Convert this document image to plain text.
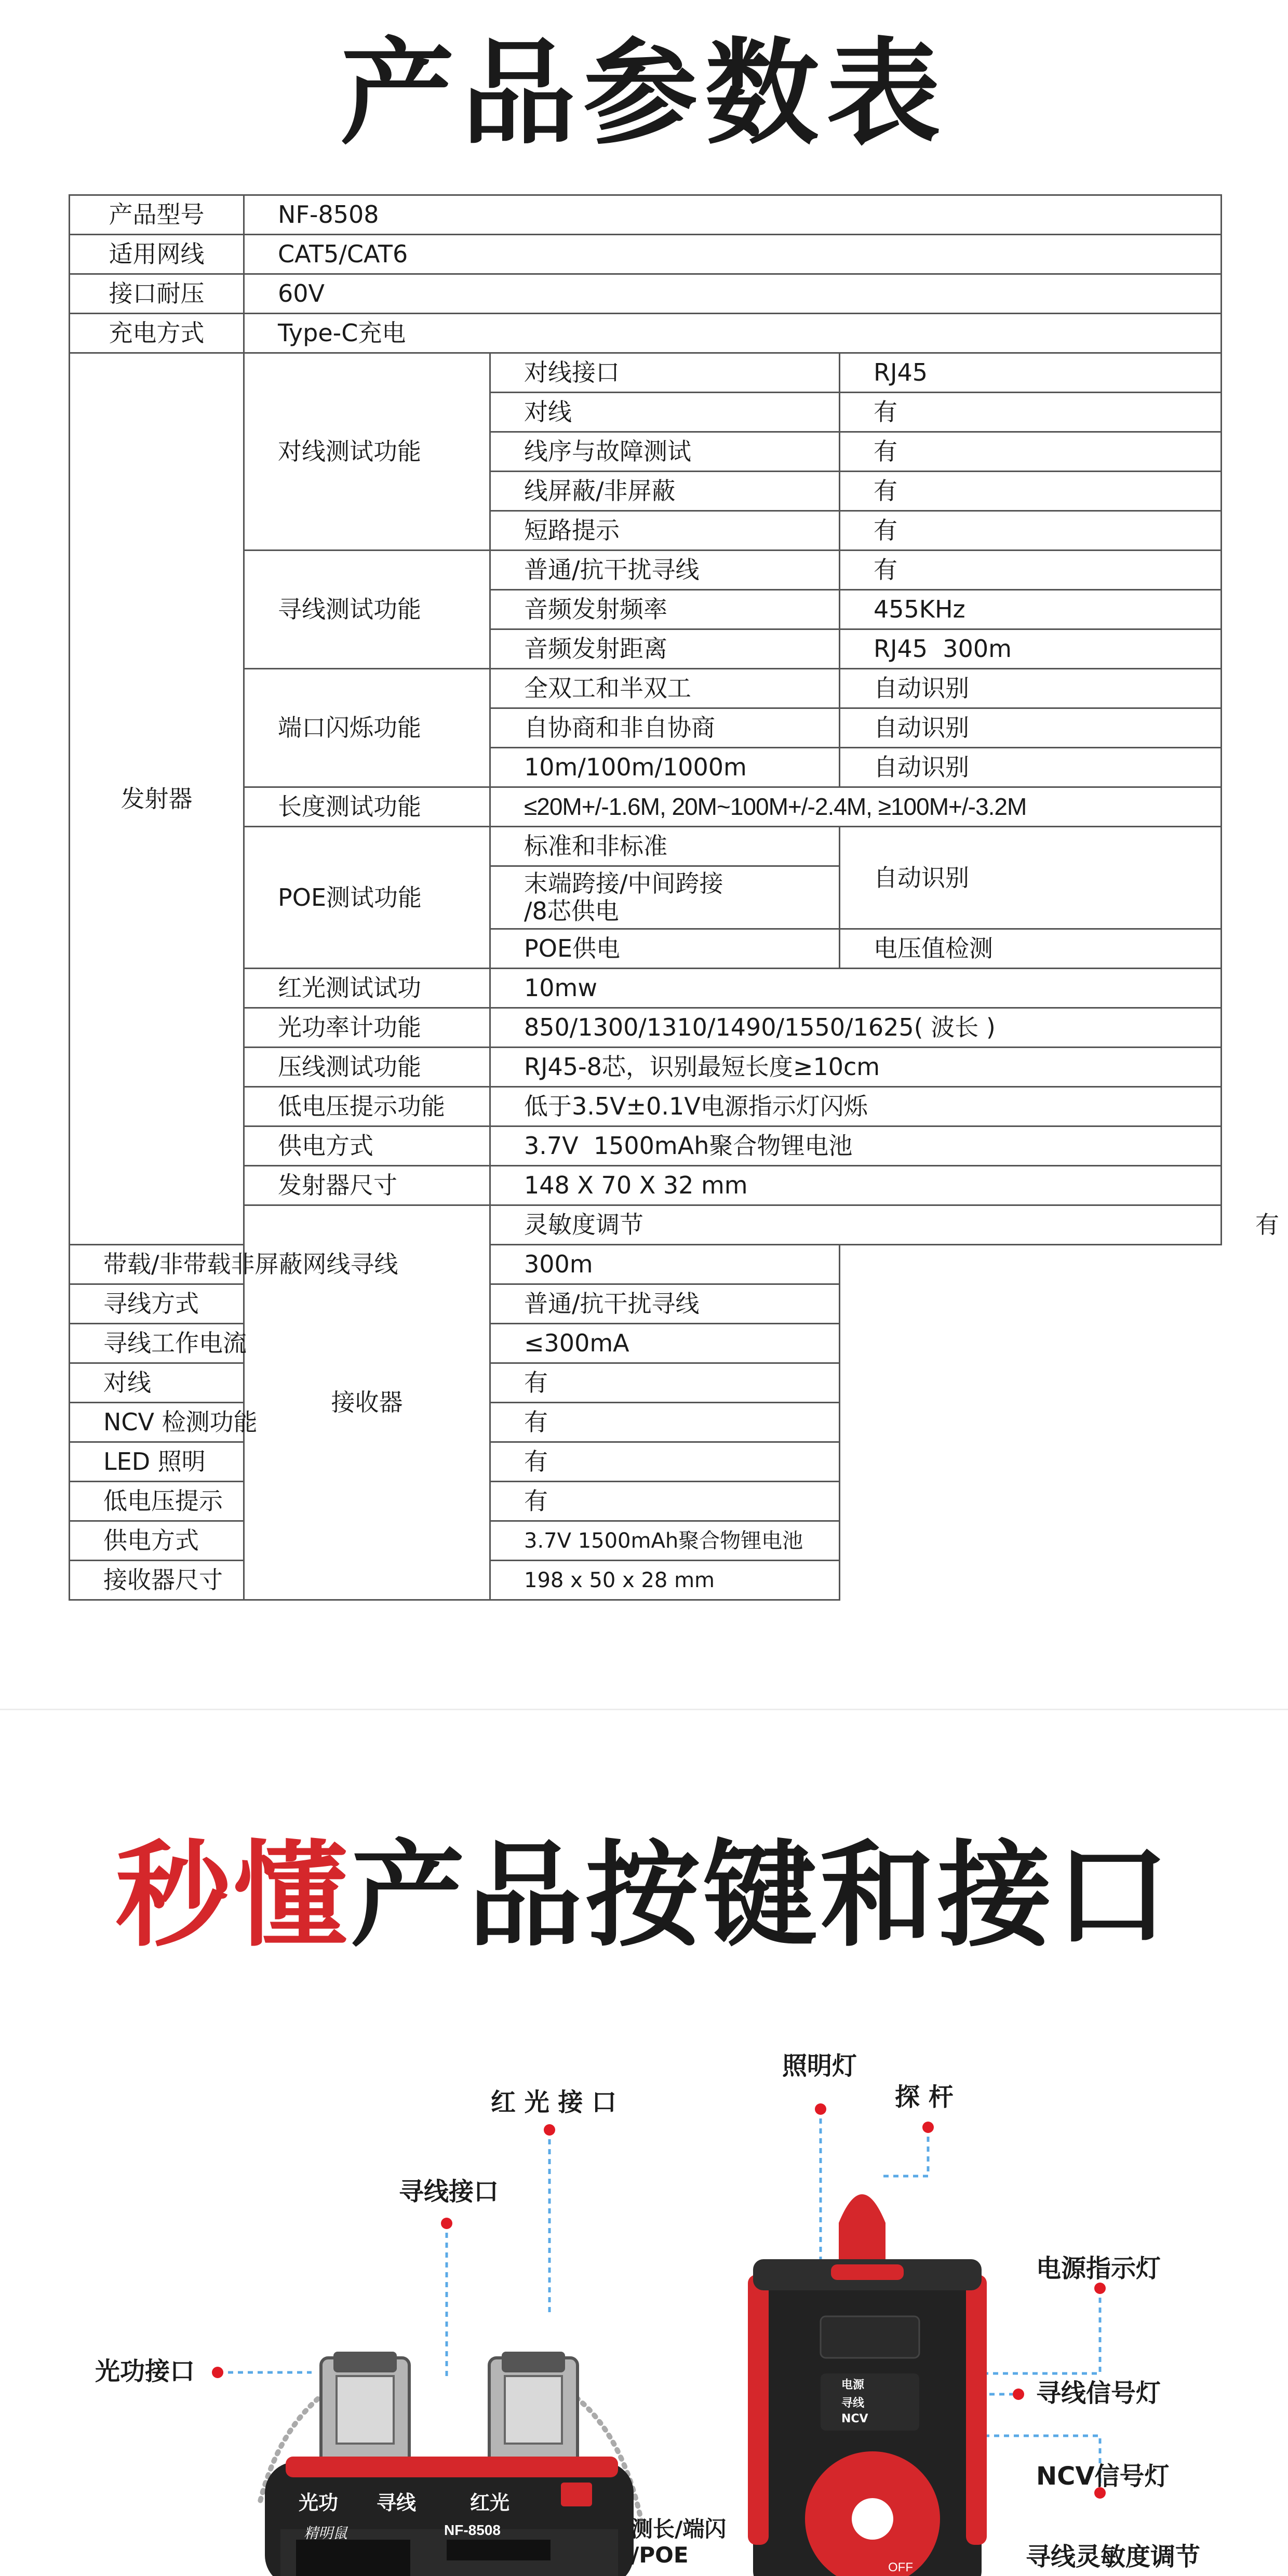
产品参数表
产品型号	NF-8508			
适用网线	CAT5/CAT6			
接口耐压	60V			
充电方式	Type-C充电			
发射器	对线测试功能	对线接口	RJ45	
		对线	有	
		线序与故障测试	有	
		线屏蔽/非屏蔽	有	
		短路提示	有	
	寻线测试功能	普通/抗干扰寻线	有	
		音频发射频率	455KHz	
		音频发射距离	RJ45  300m	
	端口闪烁功能	全双工和半双工	自动识别	
		自协商和非自协商	自动识别	
		10m/100m/1000m	自动识别	
	长度测试功能	≤20M+/-1.6M, 20M~100M+/-2.4M, ≥100M+/-3.2M		
	POE测试功能	标准和非标准	自动识别	

		末端跨接/中间跨接
/8芯供电		

		POE供电	电压值检测	
	红光测试试功	10mw		
	光功率计功能	850/1300/1310/1490/1550/1625( 波长 )		
	压线测试功能	RJ45-8芯，识别最短长度≥10cm		
	低电压提示功能	低于3.5V±0.1V电源指示灯闪烁		
	供电方式	3.7V  1500mAh聚合物锂电池		
	发射器尺寸	148 X 70 X 32 mm		
	接收器	灵敏度调节		有
带载/非带载非屏蔽网线寻线		300m		
寻线方式		普通/抗干扰寻线		
寻线工作电流		≤300mA		
对线		有		
NCV 检测功能		有		
LED 照明		有		
低电压提示		有		
供电方式		3.7V 1500mAh聚合物锂电池		
接收器尺寸		198 x 50 x 28 mm		
秒懂产品按键和接口
光功 寻线	红光
精明鼠	NF-8508
电源
寻线
NCV
OFF
红 光 接 口
寻线接口
光功接口
测长/端闪
/POE
照明灯
探 杆
电源指示灯
寻线信号灯
NCV信号灯
寻线灵敏度调节
